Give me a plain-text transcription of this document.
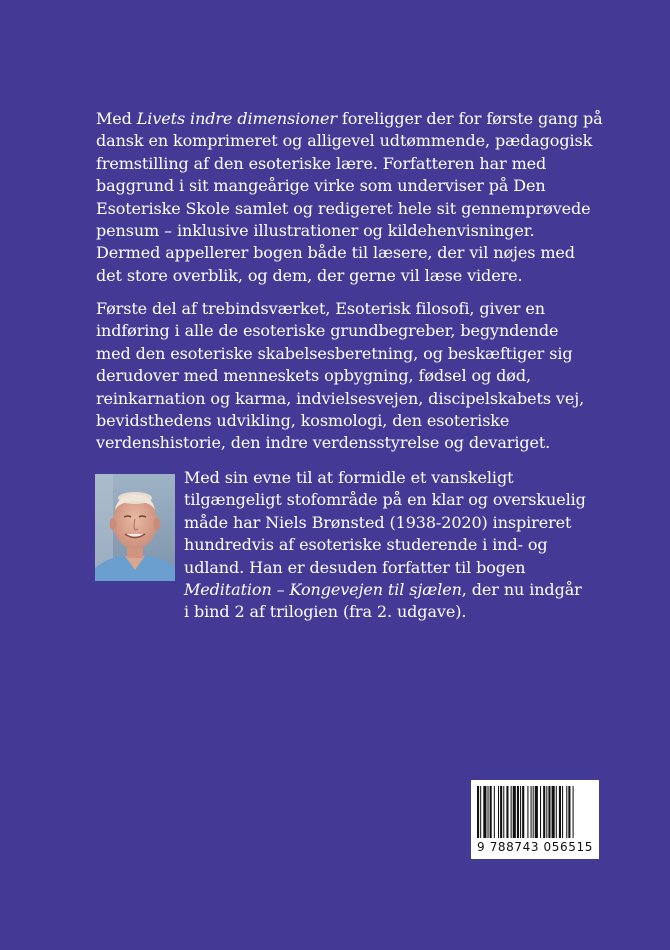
Med Livets indre dimensioner foreligger der for første gang på
dansk en komprimeret og alligevel udtømmende, pædagogisk
fremstilling af den esoteriske lære. Forfatteren har med
baggrund i sit mangeårige virke som underviser på Den
Esoteriske Skole samlet og redigeret hele sit gennemprøvede
pensum – inklusive illustrationer og kildehenvisninger.
Dermed appellerer bogen både til læsere, der vil nøjes med
det store overblik, og dem, der gerne vil læse videre.

Første del af trebindsværket, Esoterisk filosofi, giver en
indføring i alle de esoteriske grundbegreber, begyndende
med den esoteriske skabelsesberetning, og beskæftiger sig
derudover med menneskets opbygning, fødsel og død,
reinkarnation og karma, indvielsesvejen, discipelskabets vej,
bevidsthedens udvikling, kosmologi, den esoteriske
verdenshistorie, den indre verdensstyrelse og devariget.

Med sin evne til at formidle et vanskeligt
tilgængeligt stofområde på en klar og overskuelig
måde har Niels Brønsted (1938-2020) inspireret
hundredvis af esoteriske studerende i ind- og
udland. Han er desuden forfatter til bogen
Meditation – Kongevejen til sjælen, der nu indgår
i bind 2 af trilogien (fra 2. udgave).

9 788743 056515
